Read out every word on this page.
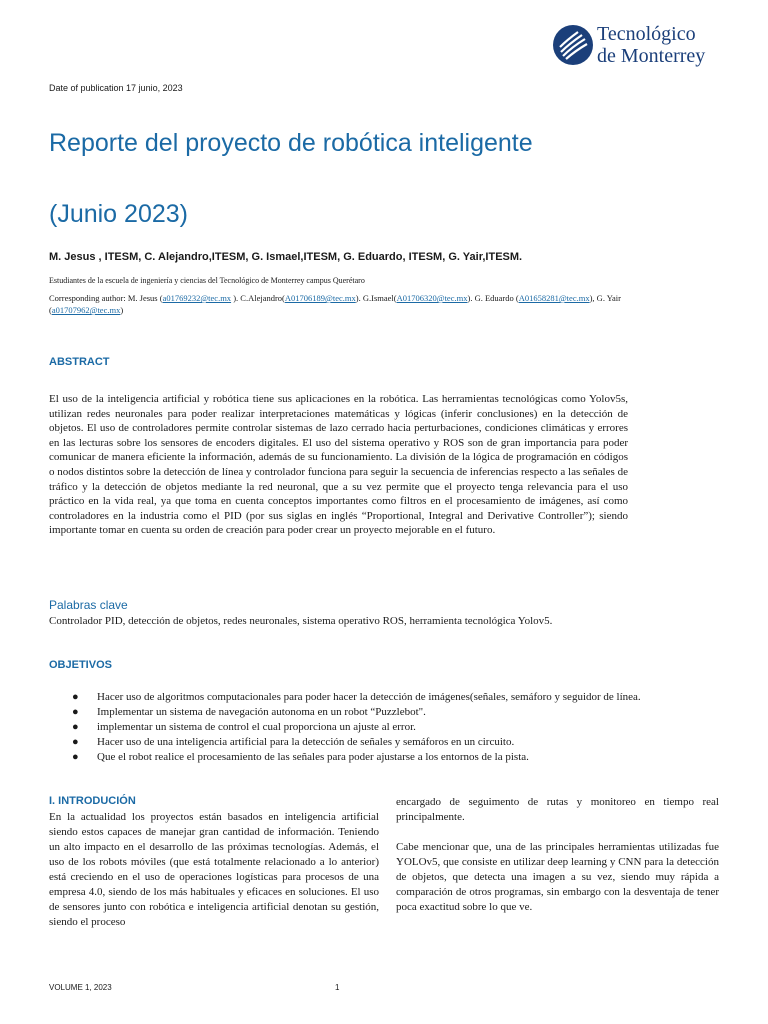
Tecnológico
de Monterrey
Date of publication 17 junio, 2023
Reporte del proyecto de robótica inteligente
(Junio 2023)
M. Jesus , ITESM, C. Alejandro,ITESM, G. Ismael,ITESM, G. Eduardo, ITESM, G. Yair,ITESM.
Estudiantes de la escuela de ingeniería y ciencias del Tecnológico de Monterrey campus Querétaro
Corresponding author: M. Jesus (a01769232@tec.mx ). C.Alejandro(A01706189@tec.mx). G.Ismael(A01706320@tec.mx). G. Eduardo (A01658281@tec.mx), G. Yair (a01707962@tec.mx)
ABSTRACT
El uso de la inteligencia artificial y robótica tiene sus aplicaciones en la robótica. Las herramientas tecnológicas como Yolov5s, utilizan redes neuronales para poder realizar interpretaciones matemáticas y lógicas (inferir conclusiones) en la detección de objetos. El uso de controladores permite controlar sistemas de lazo cerrado hacia perturbaciones, condiciones climáticas y errores en las lecturas sobre los sensores de encoders digitales. El uso del sistema operativo y ROS son de gran importancia para poder comunicar de manera eficiente la información, además de su funcionamiento. La división de la lógica de programación en códigos o nodos distintos sobre la detección de línea y controlador funciona para seguir la secuencia de inferencias respecto a las señales de tráfico y la detección de objetos mediante la red neuronal, que a su vez permite que el proyecto tenga relevancia para el uso práctico en la vida real, ya que toma en cuenta conceptos importantes como filtros en el procesamiento de imágenes, así como controladores en la industria como el PID (por sus siglas en inglés “Proportional, Integral and Derivative Controller”); siendo importante tomar en cuenta su orden de creación para poder crear un proyecto mejorable en el futuro.
Palabras clave
Controlador PID, detección de objetos, redes neuronales, sistema operativo ROS, herramienta tecnológica Yolov5.
OBJETIVOS
● Hacer uso de algoritmos computacionales para poder hacer la detección de imágenes(señales, semáforo y seguidor de línea.
● Implementar un sistema de navegación autonoma en un robot “Puzzlebot".
● implementar un sistema de control el cual proporciona un ajuste al error.
● Hacer uso de una inteligencia artificial para la detección de señales y semáforos en un circuito.
● Que el robot realice el procesamiento de las señales para poder ajustarse a los entornos de la pista.
I. INTRODUCIÓN
En la actualidad los proyectos están basados en inteligencia artificial siendo estos capaces de manejar gran cantidad de información. Teniendo un alto impacto en el desarrollo de las próximas tecnologías. Además, el uso de los robots móviles (que está totalmente relacionado a lo anterior) está creciendo en el uso de operaciones logísticas para procesos de una empresa 4.0, siendo de los más habituales y eficaces en soluciones. El uso de sensores junto con robótica e inteligencia artificial denotan su gestión, siendo el proceso
encargado de seguimento de rutas y monitoreo en tiempo real principalmente.
Cabe mencionar que, una de las principales herramientas utilizadas fue YOLOv5, que consiste en utilizar deep learning y CNN para la detección de objetos, que detecta una imagen a su vez, siendo muy rápida a comparación de otros programas, sin embargo con la desventaja de tener poca exactitud sobre lo que ve.
VOLUME 1, 2023	1
